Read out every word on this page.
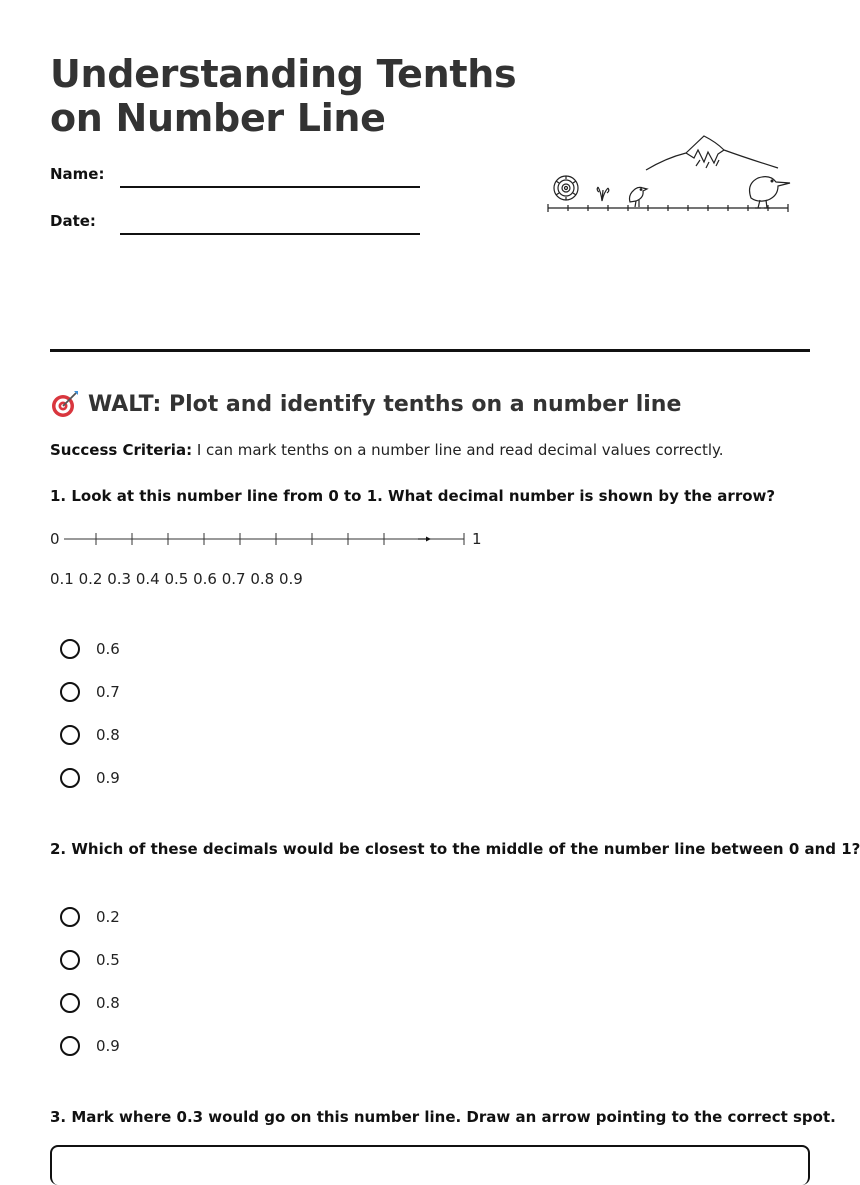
Understanding Tenths
on Number Line
Name:
Date:
WALT: Plot and identify tenths on a number line
Success Criteria: I can mark tenths on a number line and read decimal values correctly.
1. Look at this number line from 0 to 1. What decimal number is shown by the arrow?
0	1
0.1 0.2 0.3 0.4 0.5 0.6 0.7 0.8 0.9
0.6
0.7
0.8
0.9
2. Which of these decimals would be closest to the middle of the number line between 0 and 1?
0.2
0.5
0.8
0.9
3. Mark where 0.3 would go on this number line. Draw an arrow pointing to the correct spot.
